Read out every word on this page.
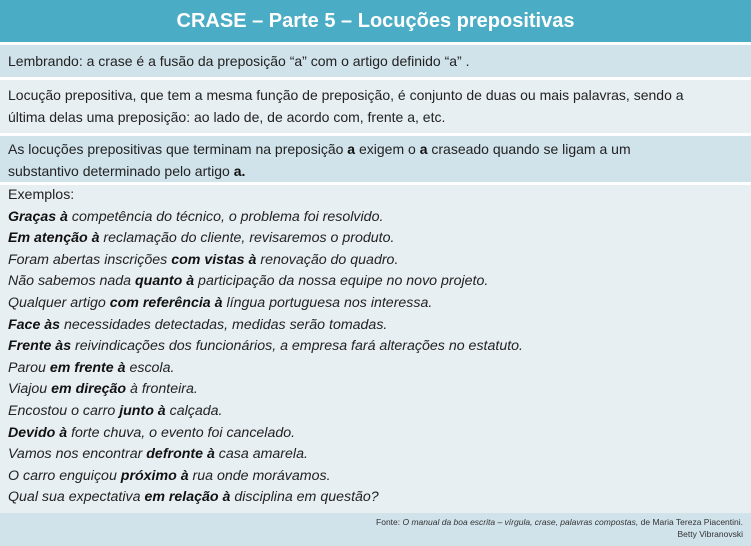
CRASE – Parte 5 – Locuções prepositivas
Lembrando: a crase é a fusão da preposição “a” com o artigo definido “a” .
Locução prepositiva, que tem a mesma função de preposição, é conjunto de duas ou mais palavras, sendo a
última delas uma preposição: ao lado de, de acordo com, frente a, etc.
As locuções prepositivas que terminam na preposição a exigem o a craseado quando se ligam a um
substantivo determinado pelo artigo a.
Exemplos:
Graças à competência do técnico, o problema foi resolvido.
Em atenção à reclamação do cliente, revisaremos o produto.
Foram abertas inscrições com vistas à renovação do quadro.
Não sabemos nada quanto à participação da nossa equipe no novo projeto.
Qualquer artigo com referência à língua portuguesa nos interessa.
Face às necessidades detectadas, medidas serão tomadas.
Frente às reivindicações dos funcionários, a empresa fará alterações no estatuto.
Parou em frente à escola.
Viajou em direção à fronteira.
Encostou o carro junto à calçada.
Devido à forte chuva, o evento foi cancelado.
Vamos nos encontrar defronte à casa amarela.
O carro enguiçou próximo à rua onde morávamos.
Qual sua expectativa em relação à disciplina em questão?
Fonte: O manual da boa escrita – vírgula, crase, palavras compostas, de Maria Tereza Piacentini.
Betty Vibranovski
